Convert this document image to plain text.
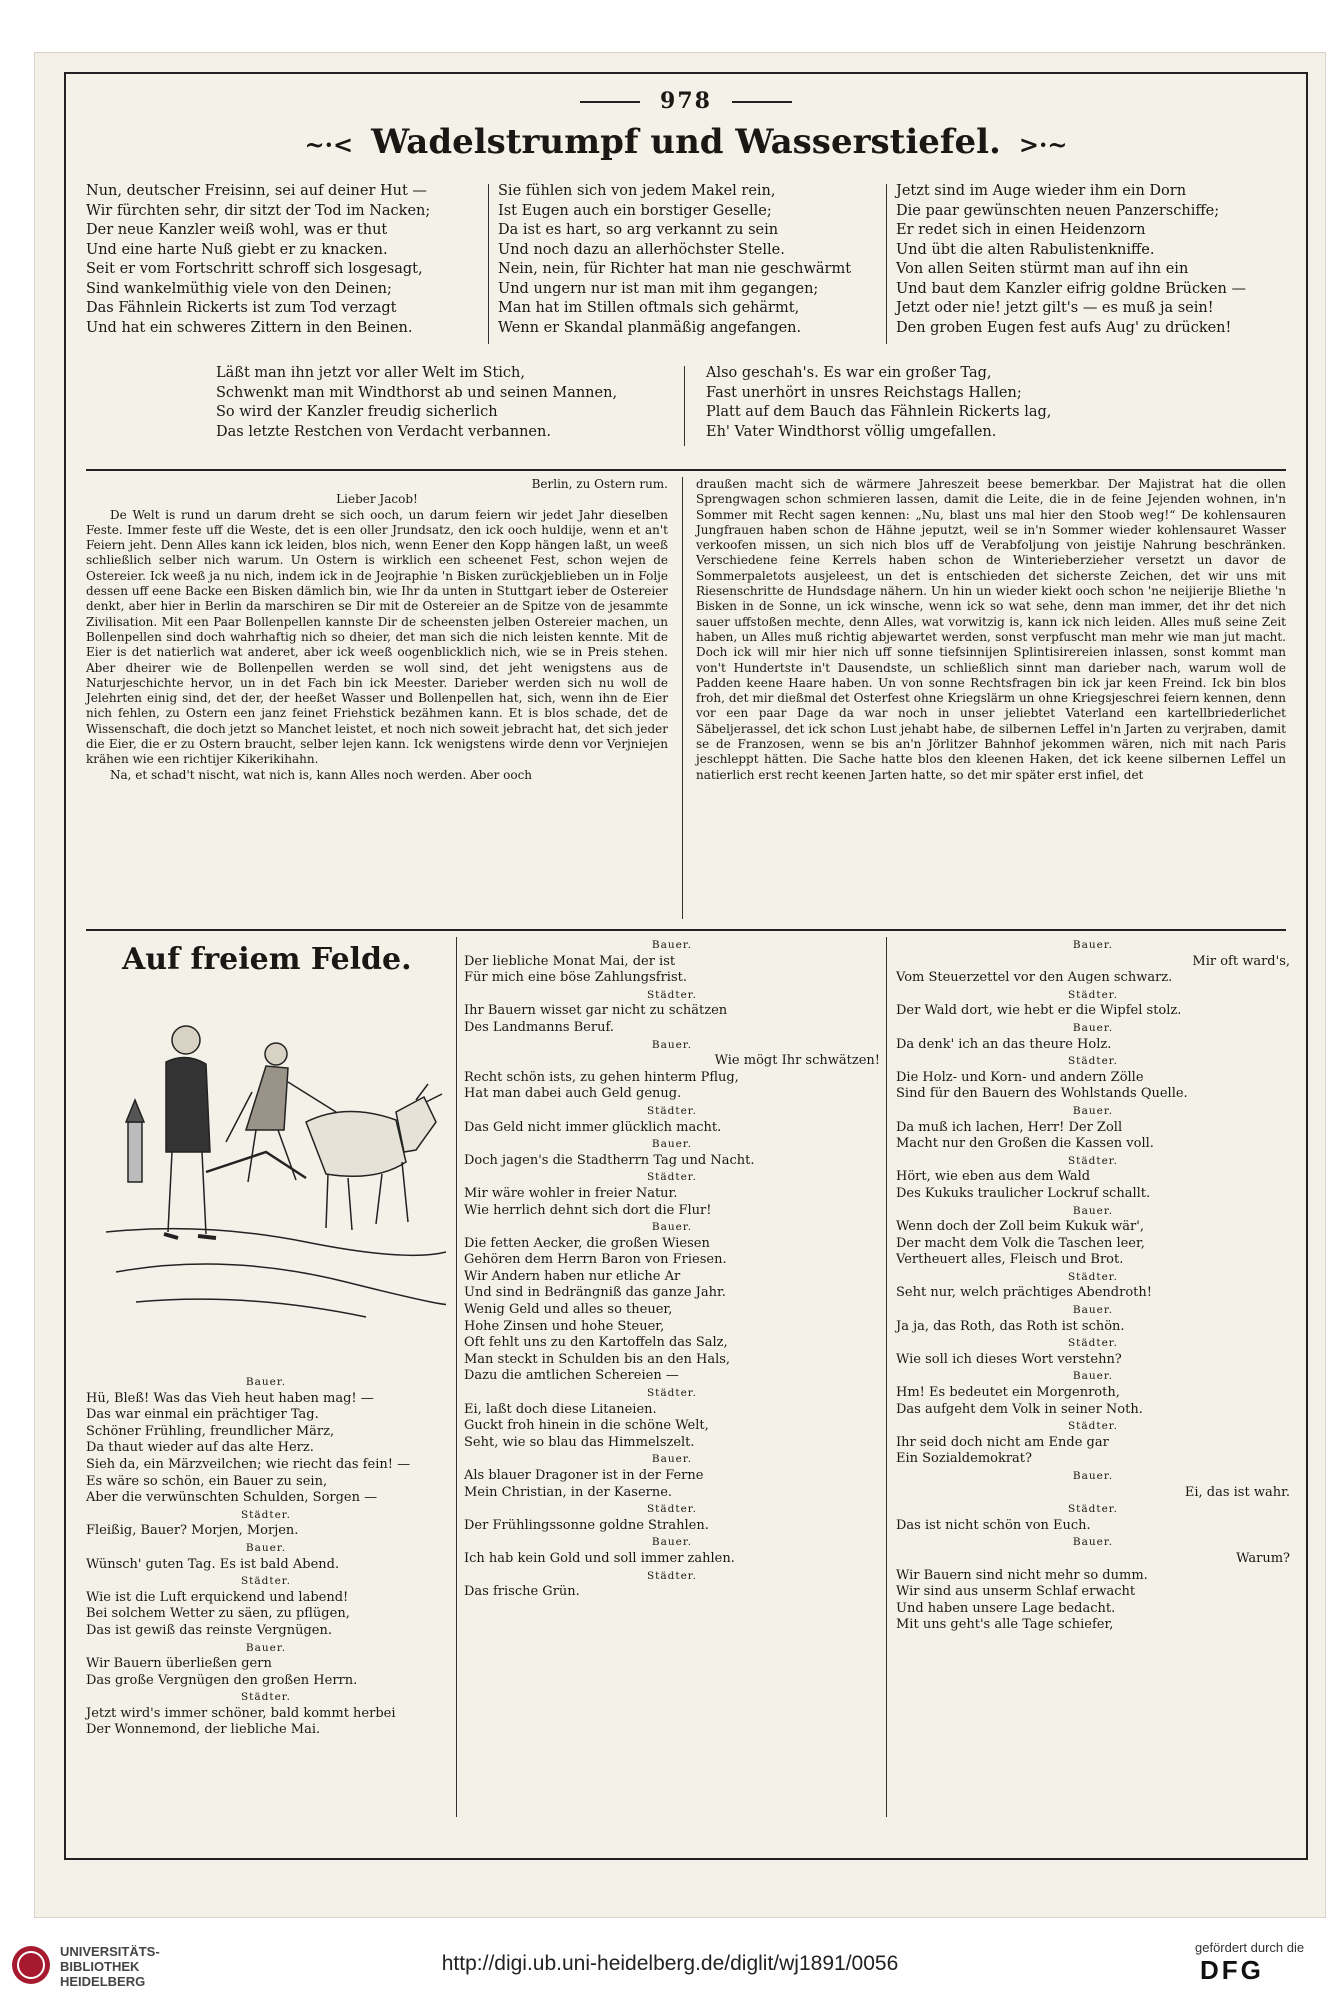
978
~·< Wadelstrumpf und Wasserstiefel. >·~
Nun, deutscher Freisinn, sei auf deiner Hut —
Wir fürchten sehr, dir sitzt der Tod im Nacken;
Der neue Kanzler weiß wohl, was er thut
Und eine harte Nuß giebt er zu knacken.
Seit er vom Fortschritt schroff sich losgesagt,
Sind wankelmüthig viele von den Deinen;
Das Fähnlein Rickerts ist zum Tod verzagt
Und hat ein schweres Zittern in den Beinen.
Sie fühlen sich von jedem Makel rein,
Ist Eugen auch ein borstiger Geselle;
Da ist es hart, so arg verkannt zu sein
Und noch dazu an allerhöchster Stelle.
Nein, nein, für Richter hat man nie geschwärmt
Und ungern nur ist man mit ihm gegangen;
Man hat im Stillen oftmals sich gehärmt,
Wenn er Skandal planmäßig angefangen.
Jetzt sind im Auge wieder ihm ein Dorn
Die paar gewünschten neuen Panzerschiffe;
Er redet sich in einen Heidenzorn
Und übt die alten Rabulistenkniffe.
Von allen Seiten stürmt man auf ihn ein
Und baut dem Kanzler eifrig goldne Brücken —
Jetzt oder nie! jetzt gilt's — es muß ja sein!
Den groben Eugen fest aufs Aug' zu drücken!
Läßt man ihn jetzt vor aller Welt im Stich,
Schwenkt man mit Windthorst ab und seinen Mannen,
So wird der Kanzler freudig sicherlich
Das letzte Restchen von Verdacht verbannen.
Also geschah's. Es war ein großer Tag,
Fast unerhört in unsres Reichstags Hallen;
Platt auf dem Bauch das Fähnlein Rickerts lag,
Eh' Vater Windthorst völlig umgefallen.
Berlin, zu Ostern rum.
Lieber Jacob!

De Welt is rund un darum dreht se sich ooch, un darum feiern wir jedet Jahr dieselben Feste. Immer feste uff die Weste, det is een oller Jrundsatz, den ick ooch huldije, wenn et an't Feiern jeht. Denn Alles kann ick leiden, blos nich, wenn Eener den Kopp hängen laßt, un weeß schließlich selber nich warum. Un Ostern is wirklich een scheenet Fest, schon wejen de Ostereier. Ick weeß ja nu nich, indem ick in de Jeojraphie 'n Bisken zurückjeblieben un in Folje dessen uff eene Backe een Bisken dämlich bin, wie Ihr da unten in Stuttgart ieber de Ostereier denkt, aber hier in Berlin da marschiren se Dir mit de Ostereier an de Spitze von de jesammte Zivilisation. Mit een Paar Bollenpellen kannste Dir de scheensten jelben Ostereier machen, un Bollenpellen sind doch wahrhaftig nich so dheier, det man sich die nich leisten kennte. Mit de Eier is det natierlich wat anderet, aber ick weeß oogenblicklich nich, wie se in Preis stehen. Aber dheirer wie de Bollenpellen werden se woll sind, det jeht wenigstens aus de Naturjeschichte hervor, un in det Fach bin ick Meester. Darieber werden sich nu woll de Jelehrten einig sind, det der, der heeßet Wasser und Bollenpellen hat, sich, wenn ihn de Eier nich fehlen, zu Ostern een janz feinet Friehstick bezähmen kann. Et is blos schade, det de Wissenschaft, die doch jetzt so Manchet leistet, et noch nich soweit jebracht hat, det sich jeder die Eier, die er zu Ostern braucht, selber lejen kann. Ick wenigstens wirde denn vor Verjniejen krähen wie een richtijer Kikerikihahn.

Na, et schad't nischt, wat nich is, kann Alles noch werden. Aber ooch

draußen macht sich de wärmere Jahreszeit beese bemerkbar. Der Majistrat hat die ollen Sprengwagen schon schmieren lassen, damit die Leite, die in de feine Jejenden wohnen, in'n Sommer mit Recht sagen kennen: „Nu, blast uns mal hier den Stoob weg!“ De kohlensauren Jungfrauen haben schon de Hähne jeputzt, weil se in'n Sommer wieder kohlensauret Wasser verkoofen missen, un sich nich blos uff de Verabfoljung von jeistije Nahrung beschränken. Verschiedene feine Kerrels haben schon de Winterieberzieher versetzt un davor de Sommerpaletots ausjeleest, un det is entschieden det sicherste Zeichen, det wir uns mit Riesenschritte de Hundsdage nähern. Un hin un wieder kiekt ooch schon 'ne neijierije Bliethe 'n Bisken in de Sonne, un ick winsche, wenn ick so wat sehe, denn man immer, det ihr det nich sauer uffstoßen mechte, denn Alles, wat vorwitzig is, kann ick nich leiden. Alles muß seine Zeit haben, un Alles muß richtig abjewartet werden, sonst verpfuscht man mehr wie man jut macht. Doch ick will mir hier nich uff sonne tiefsinnijen Splintisirereien inlassen, sonst kommt man von't Hundertste in't Dausendste, un schließlich sinnt man darieber nach, warum woll de Padden keene Haare haben. Un von sonne Rechtsfragen bin ick jar keen Freind. Ick bin blos froh, det mir dießmal det Osterfest ohne Kriegslärm un ohne Kriegsjeschrei feiern kennen, denn vor een paar Dage da war noch in unser jeliebtet Vaterland een kartellbriederlichet Säbeljerassel, det ick schon Lust jehabt habe, de silbernen Leffel in'n Jarten zu verjraben, damit se de Franzosen, wenn se bis an'n Jörlitzer Bahnhof jekommen wären, nich mit nach Paris jeschleppt hätten. Die Sache hatte blos den kleenen Haken, det ick keene silbernen Leffel un natierlich erst recht keenen Jarten hatte, so det mir später erst infiel, det

Auf freiem Felde.
Bauer.
Hü, Bleß! Was das Vieh heut haben mag! —
Das war einmal ein prächtiger Tag.
Schöner Frühling, freundlicher März,
Da thaut wieder auf das alte Herz.
Sieh da, ein Märzveilchen; wie riecht das fein! —
Es wäre so schön, ein Bauer zu sein,
Aber die verwünschten Schulden, Sorgen —
Städter.
Fleißig, Bauer? Morjen, Morjen.
Bauer.
Wünsch' guten Tag. Es ist bald Abend.
Städter.
Wie ist die Luft erquickend und labend!
Bei solchem Wetter zu säen, zu pflügen,
Das ist gewiß das reinste Vergnügen.
Bauer.
Wir Bauern überließen gern
Das große Vergnügen den großen Herrn.
Städter.
Jetzt wird's immer schöner, bald kommt herbei
Der Wonnemond, der liebliche Mai.
Bauer.
Der liebliche Monat Mai, der ist
Für mich eine böse Zahlungsfrist.
Städter.
Ihr Bauern wisset gar nicht zu schätzen
Des Landmanns Beruf.
Bauer.
Wie mögt Ihr schwätzen!
Recht schön ists, zu gehen hinterm Pflug,
Hat man dabei auch Geld genug.
Städter.
Das Geld nicht immer glücklich macht.
Bauer.
Doch jagen's die Stadtherrn Tag und Nacht.
Städter.
Mir wäre wohler in freier Natur.
Wie herrlich dehnt sich dort die Flur!
Bauer.
Die fetten Aecker, die großen Wiesen
Gehören dem Herrn Baron von Friesen.
Wir Andern haben nur etliche Ar
Und sind in Bedrängniß das ganze Jahr.
Wenig Geld und alles so theuer,
Hohe Zinsen und hohe Steuer,
Oft fehlt uns zu den Kartoffeln das Salz,
Man steckt in Schulden bis an den Hals,
Dazu die amtlichen Schereien —
Städter.
Ei, laßt doch diese Litaneien.
Guckt froh hinein in die schöne Welt,
Seht, wie so blau das Himmelszelt.
Bauer.
Als blauer Dragoner ist in der Ferne
Mein Christian, in der Kaserne.
Städter.
Der Frühlingssonne goldne Strahlen.
Bauer.
Ich hab kein Gold und soll immer zahlen.
Städter.
Das frische Grün.
Bauer.
Mir oft ward's,
Vom Steuerzettel vor den Augen schwarz.
Städter.
Der Wald dort, wie hebt er die Wipfel stolz.
Bauer.
Da denk' ich an das theure Holz.
Städter.
Die Holz- und Korn- und andern Zölle
Sind für den Bauern des Wohlstands Quelle.
Bauer.
Da muß ich lachen, Herr! Der Zoll
Macht nur den Großen die Kassen voll.
Städter.
Hört, wie eben aus dem Wald
Des Kukuks traulicher Lockruf schallt.
Bauer.
Wenn doch der Zoll beim Kukuk wär',
Der macht dem Volk die Taschen leer,
Vertheuert alles, Fleisch und Brot.
Städter.
Seht nur, welch prächtiges Abendroth!
Bauer.
Ja ja, das Roth, das Roth ist schön.
Städter.
Wie soll ich dieses Wort verstehn?
Bauer.
Hm! Es bedeutet ein Morgenroth,
Das aufgeht dem Volk in seiner Noth.
Städter.
Ihr seid doch nicht am Ende gar
Ein Sozialdemokrat?
Bauer.
Ei, das ist wahr.
Städter.
Das ist nicht schön von Euch.
Bauer.
Warum?
Wir Bauern sind nicht mehr so dumm.
Wir sind aus unserm Schlaf erwacht
Und haben unsere Lage bedacht.
Mit uns geht's alle Tage schiefer,
UNIVERSITÄTS-
BIBLIOTHEK
HEIDELBERG
http://digi.ub.uni-heidelberg.de/diglit/wj1891/0056
gefördert durch die
DFG
